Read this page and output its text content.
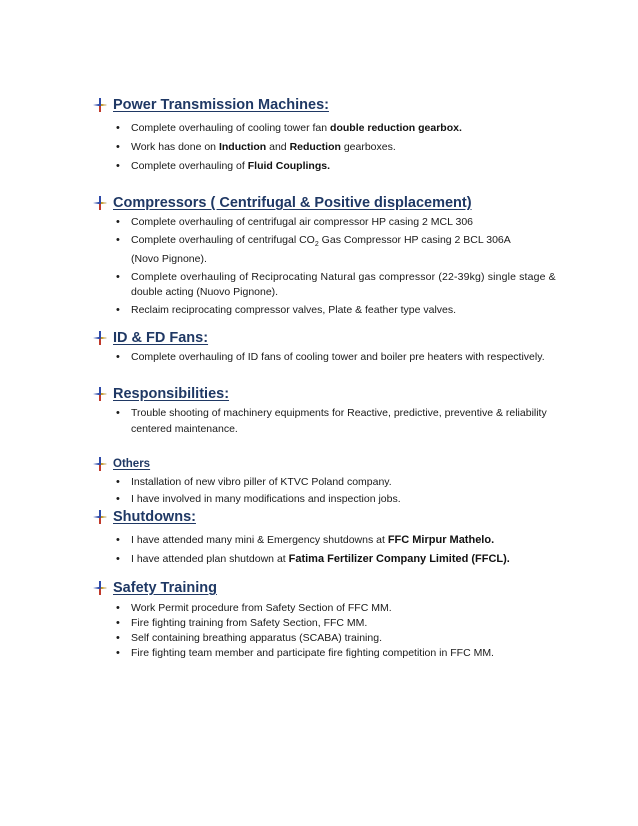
Power Transmission Machines:
• Complete overhauling of cooling tower fan double reduction gearbox.
• Work has done on Induction and Reduction gearboxes.
• Complete overhauling of Fluid Couplings.
Compressors ( Centrifugal & Positive displacement)
• Complete overhauling of centrifugal air compressor HP casing 2 MCL 306
• Complete overhauling of centrifugal $CO_2$ Gas Compressor HP casing 2 BCL 306A
(Novo Pignone).
• Complete overhauling of Reciprocating Natural gas compressor (22-39kg) single stage &
double acting (Nuovo Pignone).
• Reclaim reciprocating compressor valves, Plate & feather type valves.
ID & FD Fans:
• Complete overhauling of ID fans of cooling tower and boiler pre heaters with respectively.
Responsibilities:
• Trouble shooting of machinery equipments for Reactive, predictive, preventive & reliability
centered maintenance.
Others
• Installation of new vibro piller of KTVC Poland company.
• I have involved in many modifications and inspection jobs.
Shutdowns:
• I have attended many mini & Emergency shutdowns at FFC Mirpur Mathelo.
• I have attended plan shutdown at Fatima Fertilizer Company Limited (FFCL).
Safety Training
• Work Permit procedure from Safety Section of FFC MM.
• Fire fighting training from Safety Section, FFC MM.
• Self containing breathing apparatus (SCABA) training.
• Fire fighting team member and participate fire fighting competition in FFC MM.
